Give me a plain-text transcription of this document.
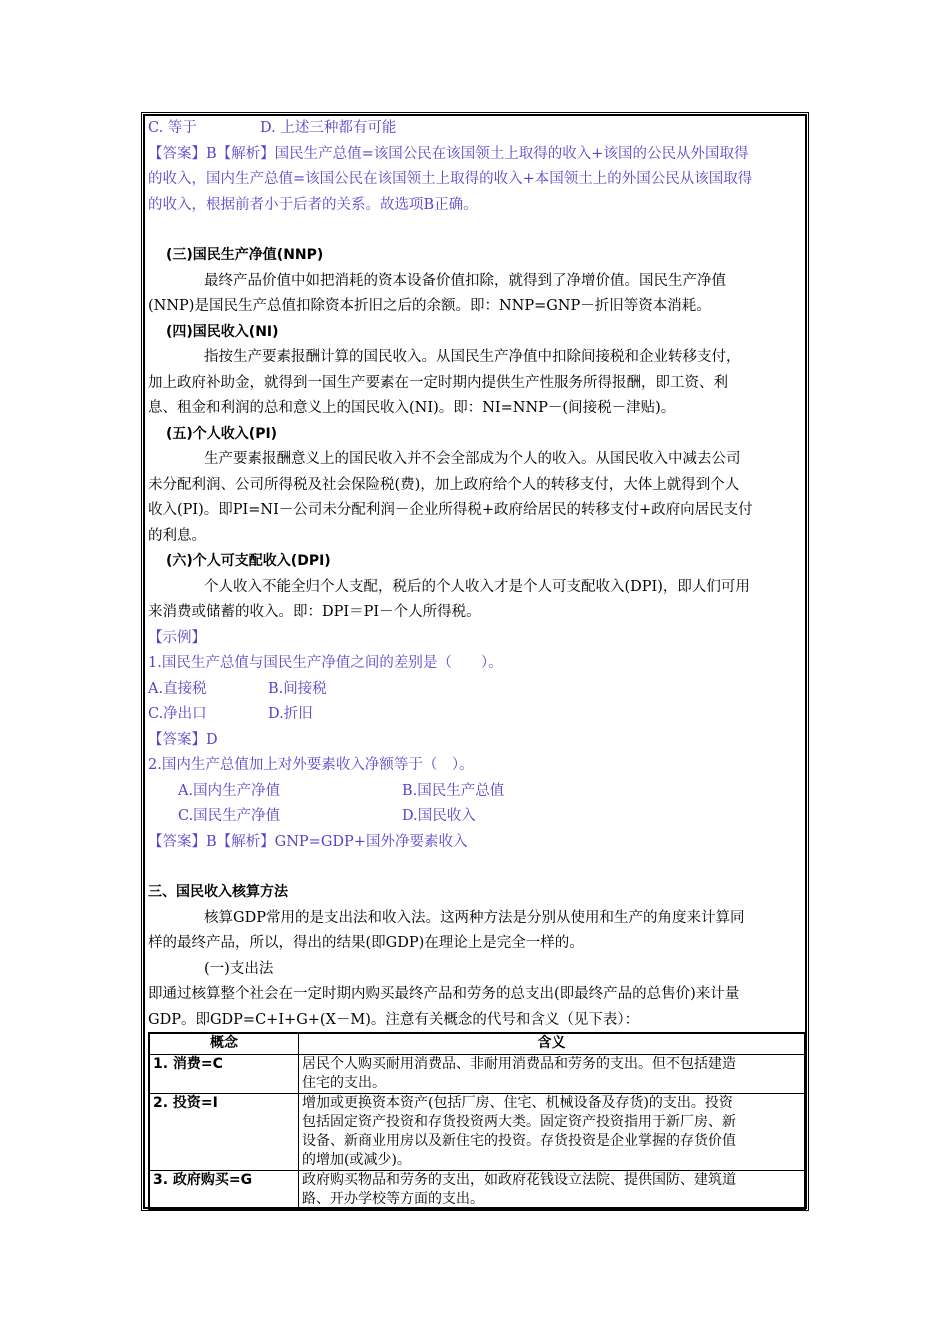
C. 等于	D. 上述三种都有可能
【答案】B【解析】国民生产总值=该国公民在该国领土上取得的收入+该国的公民从外国取得
的收入，国内生产总值=该国公民在该国领土上取得的收入+本国领土上的外国公民从该国取得
的收入，根据前者小于后者的关系。故选项B正确。
(三)国民生产净值(NNP)
最终产品价值中如把消耗的资本设备价值扣除，就得到了净增价值。国民生产净值
(NNP)是国民生产总值扣除资本折旧之后的余额。即：NNP=GNP－折旧等资本消耗。
(四)国民收入(NI)
指按生产要素报酬计算的国民收入。从国民生产净值中扣除间接税和企业转移支付，
加上政府补助金，就得到一国生产要素在一定时期内提供生产性服务所得报酬，即工资、利
息、租金和利润的总和意义上的国民收入(NI)。即：NI=NNP－(间接税－津贴)。
(五)个人收入(PI)
生产要素报酬意义上的国民收入并不会全部成为个人的收入。从国民收入中减去公司
未分配利润、公司所得税及社会保险税(费)，加上政府给个人的转移支付，大体上就得到个人
收入(PI)。即PI=NI－公司未分配利润－企业所得税+政府给居民的转移支付+政府向居民支付
的利息。
(六)个人可支配收入(DPI)
个人收入不能全归个人支配，税后的个人收入才是个人可支配收入(DPI)，即人们可用
来消费或储蓄的收入。即：DPI＝PI－个人所得税。
【示例】
1.国民生产总值与国民生产净值之间的差别是（　　）。
A.直接税	B.间接税
C.净出口	D.折旧
【答案】D
2.国内生产总值加上对外要素收入净额等于（　）。
A.国内生产净值	B.国民生产总值
C.国民生产净值	D.国民收入
【答案】B【解析】GNP=GDP+国外净要素收入
三、国民收入核算方法
核算GDP常用的是支出法和收入法。这两种方法是分别从使用和生产的角度来计算同
样的最终产品，所以，得出的结果(即GDP)在理论上是完全一样的。
(一)支出法
即通过核算整个社会在一定时期内购买最终产品和劳务的总支出(即最终产品的总售价)来计量
GDP。即GDP=C+I+G+(X－M)。注意有关概念的代号和含义（见下表）：
概念	含义
1. 消费=C	居民个人购买耐用消费品、非耐用消费品和劳务的支出。但不包括建造
住宅的支出。

2. 投资=I	增加或更换资本资产(包括厂房、住宅、机械设备及存货)的支出。投资
包括固定资产投资和存货投资两大类。固定资产投资指用于新厂房、新
设备、新商业用房以及新住宅的投资。存货投资是企业掌握的存货价值
的增加(或减少)。

3. 政府购买=G	政府购买物品和劳务的支出，如政府花钱设立法院、提供国防、建筑道
路、开办学校等方面的支出。
